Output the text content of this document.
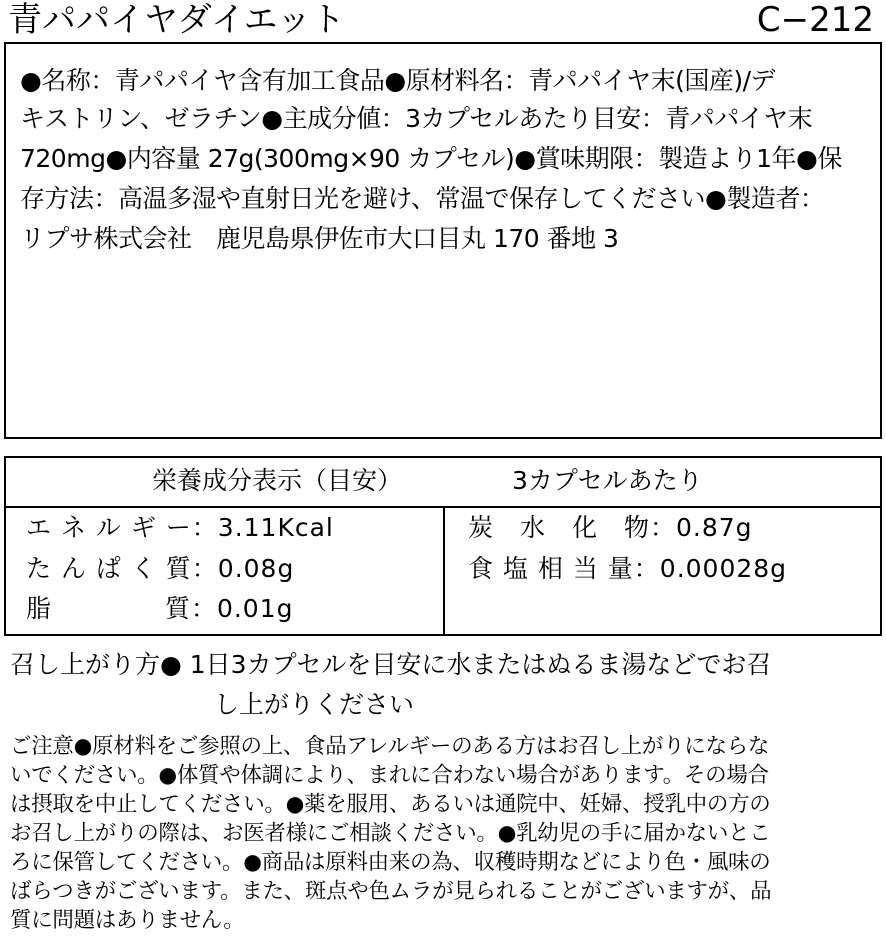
青パパイヤダイエット	C−212
●名称：青パパイヤ含有加工食品●原材料名：青パパイヤ末(国産)/デ
キストリン、ゼラチン●主成分値：3カプセルあたり目安：青パパイヤ末
720mg●内容量 27g(300mg×90 カプセル)●賞味期限：製造より1年●保
存方法：高温多湿や直射日光を避け、常温で保存してください●製造者：
リプサ株式会社　鹿児島県伊佐市大口目丸 170 番地 3
栄養成分表示（目安）	3カプセルあたり
エ ネ ル ギ ー：3.11Kcal
た ん ぱ く 質：0.08g
脂　　　　 質：0.01g
炭　水　化　物：0.87g
食 塩 相 当 量：0.00028g
召し上がり方● 1日3カプセルを目安に水またはぬるま湯などでお召
し上がりください
ご注意●原材料をご参照の上、食品アレルギーのある方はお召し上がりにならな
いでください。●体質や体調により、まれに合わない場合があります。その場合
は摂取を中止してください。●薬を服用、あるいは通院中、妊婦、授乳中の方の
お召し上がりの際は、お医者様にご相談ください。●乳幼児の手に届かないとこ
ろに保管してください。●商品は原料由来の為、収穫時期などにより色・風味の
ばらつきがございます。また、斑点や色ムラが見られることがございますが、品
質に問題はありません。
